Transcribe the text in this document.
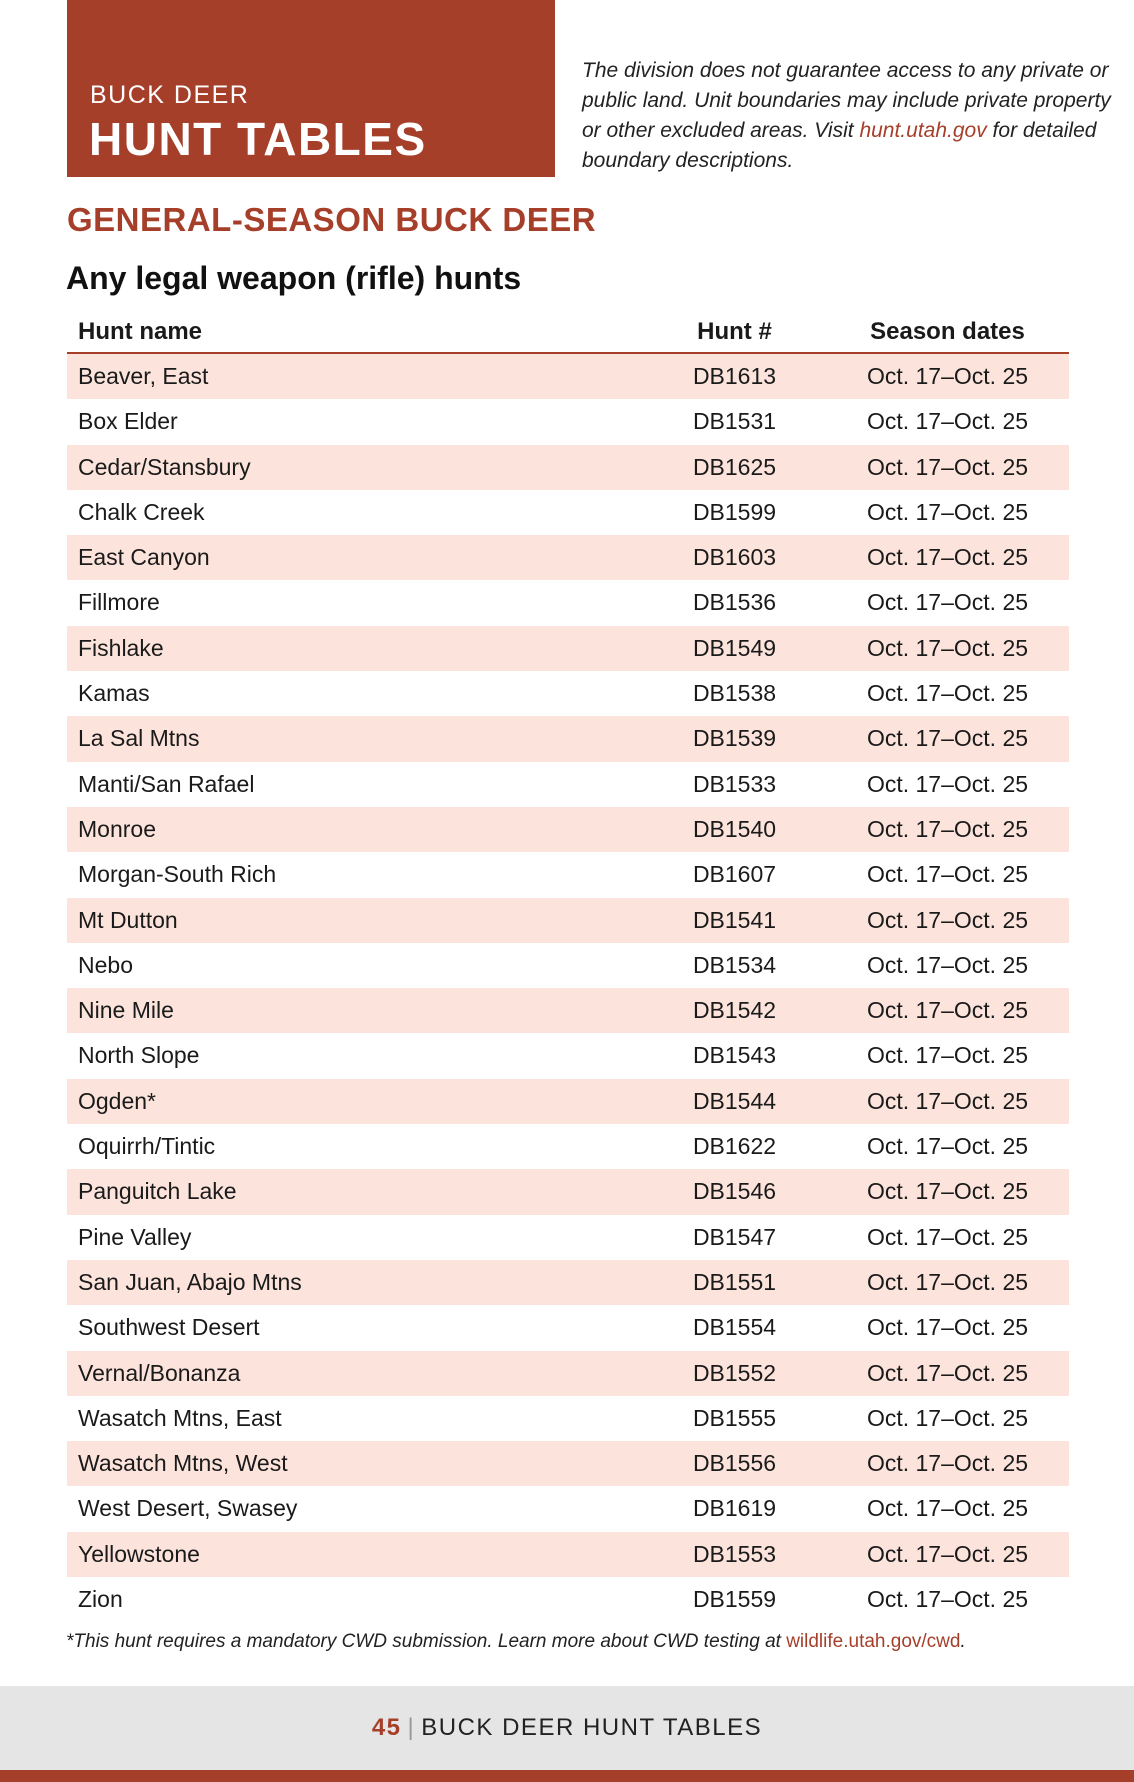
BUCK DEER
HUNT TABLES
The division does not guarantee access to any private or public land. Unit boundaries may include private property or other excluded areas. Visit hunt.utah.gov for detailed boundary descriptions.
GENERAL-SEASON BUCK DEER
Any legal weapon (rifle) hunts
Hunt name	Hunt #	Season dates
Beaver, East	DB1613	Oct. 17–Oct. 25
Box Elder	DB1531	Oct. 17–Oct. 25
Cedar/Stansbury	DB1625	Oct. 17–Oct. 25
Chalk Creek	DB1599	Oct. 17–Oct. 25
East Canyon	DB1603	Oct. 17–Oct. 25
Fillmore	DB1536	Oct. 17–Oct. 25
Fishlake	DB1549	Oct. 17–Oct. 25
Kamas	DB1538	Oct. 17–Oct. 25
La Sal Mtns	DB1539	Oct. 17–Oct. 25
Manti/San Rafael	DB1533	Oct. 17–Oct. 25
Monroe	DB1540	Oct. 17–Oct. 25
Morgan-South Rich	DB1607	Oct. 17–Oct. 25
Mt Dutton	DB1541	Oct. 17–Oct. 25
Nebo	DB1534	Oct. 17–Oct. 25
Nine Mile	DB1542	Oct. 17–Oct. 25
North Slope	DB1543	Oct. 17–Oct. 25
Ogden*	DB1544	Oct. 17–Oct. 25
Oquirrh/Tintic	DB1622	Oct. 17–Oct. 25
Panguitch Lake	DB1546	Oct. 17–Oct. 25
Pine Valley	DB1547	Oct. 17–Oct. 25
San Juan, Abajo Mtns	DB1551	Oct. 17–Oct. 25
Southwest Desert	DB1554	Oct. 17–Oct. 25
Vernal/Bonanza	DB1552	Oct. 17–Oct. 25
Wasatch Mtns, East	DB1555	Oct. 17–Oct. 25
Wasatch Mtns, West	DB1556	Oct. 17–Oct. 25
West Desert, Swasey	DB1619	Oct. 17–Oct. 25
Yellowstone	DB1553	Oct. 17–Oct. 25
Zion	DB1559	Oct. 17–Oct. 25
*This hunt requires a mandatory CWD submission. Learn more about CWD testing at wildlife.utah.gov/cwd.
45 | BUCK DEER HUNT TABLES
